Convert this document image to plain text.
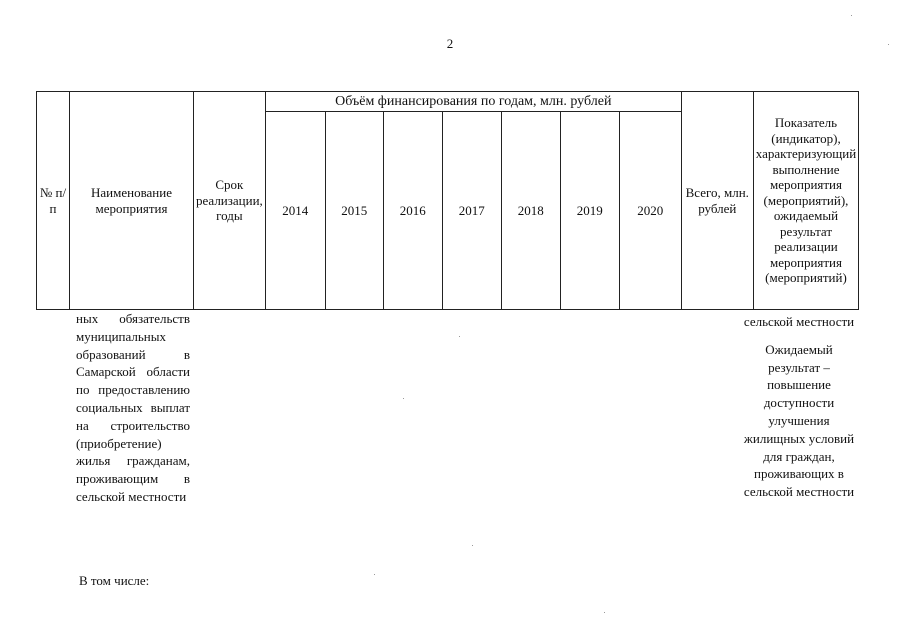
2
№ п/п	Наименование мероприятия	Срок реализации, годы	Объём финансирования по годам, млн. рублей							Всего, млн. рублей	Показатель (индикатор), характеризующий выполнение мероприятия (мероприятий), ожидаемый результат реализации мероприятия (мероприятий)
			2014	2015	2016	2017	2018	2019	2020		
ных обязательств муниципальных образований в Самарской области по предоставлению социальных выплат на строительство (приобретение) жилья гражданам, проживающим в сельской местности

сельской местности

Ожидаемый результат – повышение доступности улучшения жилищных условий для граждан, проживающих в сельской местности

В том числе:
